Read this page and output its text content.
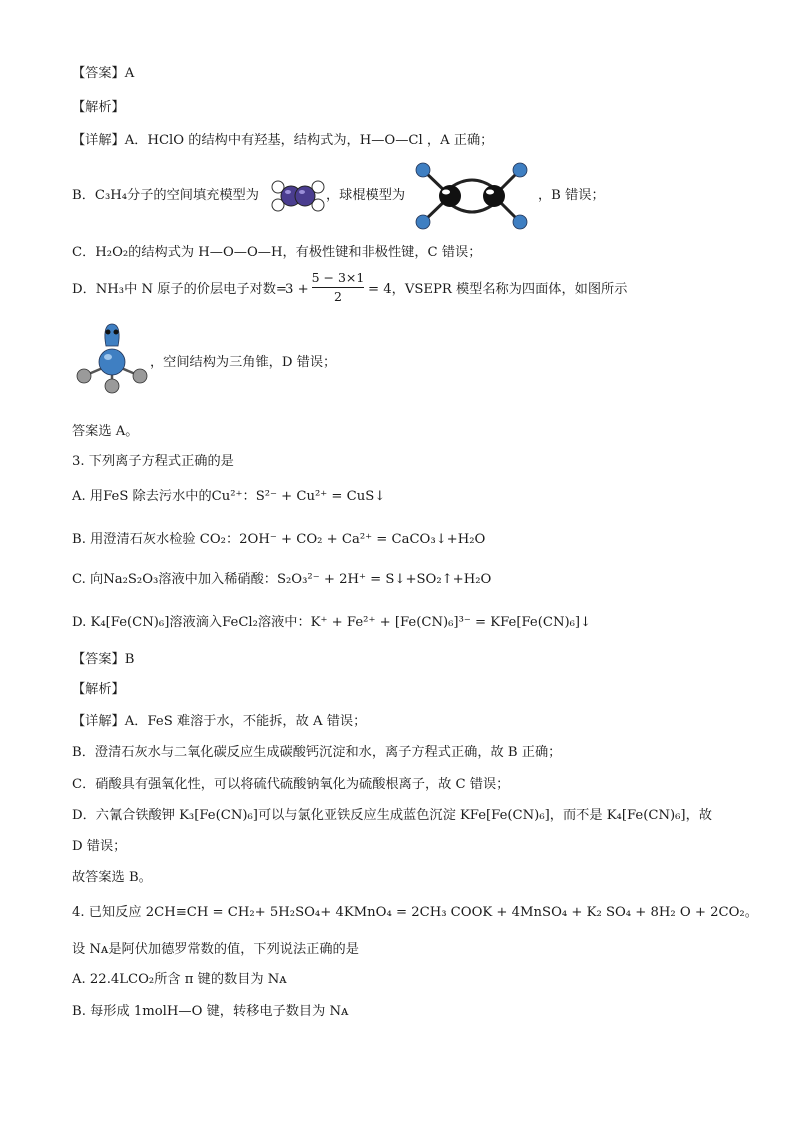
【答案】A
【解析】
【详解】A．HClO 的结构中有羟基，结构式为，H—O—Cl ，A 正确；
B．C₃H₄分子的空间填充模型为	，球棍模型为	，B 错误；
C．H₂O₂的结构式为 H—O—O—H，有极性键和非极性键，C 错误；
D．NH₃中 N 原子的价层电子对数=
3 +
5 − 3×1
2	= 4，VSEPR 模型名称为四面体，如图所示
，空间结构为三角锥，D 错误；
答案选 A。
3. 下列离子方程式正确的是
A. 用FeS 除去污水中的Cu²⁺：S²⁻ + Cu²⁺ = CuS↓
B. 用澄清石灰水检验 CO₂：2OH⁻ + CO₂ + Ca²⁺ = CaCO₃↓+H₂O
C. 向Na₂S₂O₃溶液中加入稀硝酸：S₂O₃²⁻ + 2H⁺ = S↓+SO₂↑+H₂O
D. K₄[Fe(CN)₆]溶液滴入FeCl₂溶液中：K⁺ + Fe²⁺ + [Fe(CN)₆]³⁻ = KFe[Fe(CN)₆]↓
【答案】B
【解析】
【详解】A．FeS 难溶于水，不能拆，故 A 错误；
B．澄清石灰水与二氧化碳反应生成碳酸钙沉淀和水，离子方程式正确，故 B 正确；
C．硝酸具有强氧化性，可以将硫代硫酸钠氧化为硫酸根离子，故 C 错误；
D．六氰合铁酸钾 K₃[Fe(CN)₆]可以与氯化亚铁反应生成蓝色沉淀 KFe[Fe(CN)₆]，而不是 K₄[Fe(CN)₆]，故
D 错误；
故答案选 B。
4. 已知反应 2CH≡CH = CH₂+ 5H₂SO₄+ 4KMnO₄ = 2CH₃ COOK + 4MnSO₄ + K₂ SO₄ + 8H₂ O + 2CO₂。
设 Nᴀ是阿伏加德罗常数的值，下列说法正确的是
A. 22.4LCO₂所含 π 键的数目为 Nᴀ
B. 每形成 1molH—O 键，转移电子数目为 Nᴀ
